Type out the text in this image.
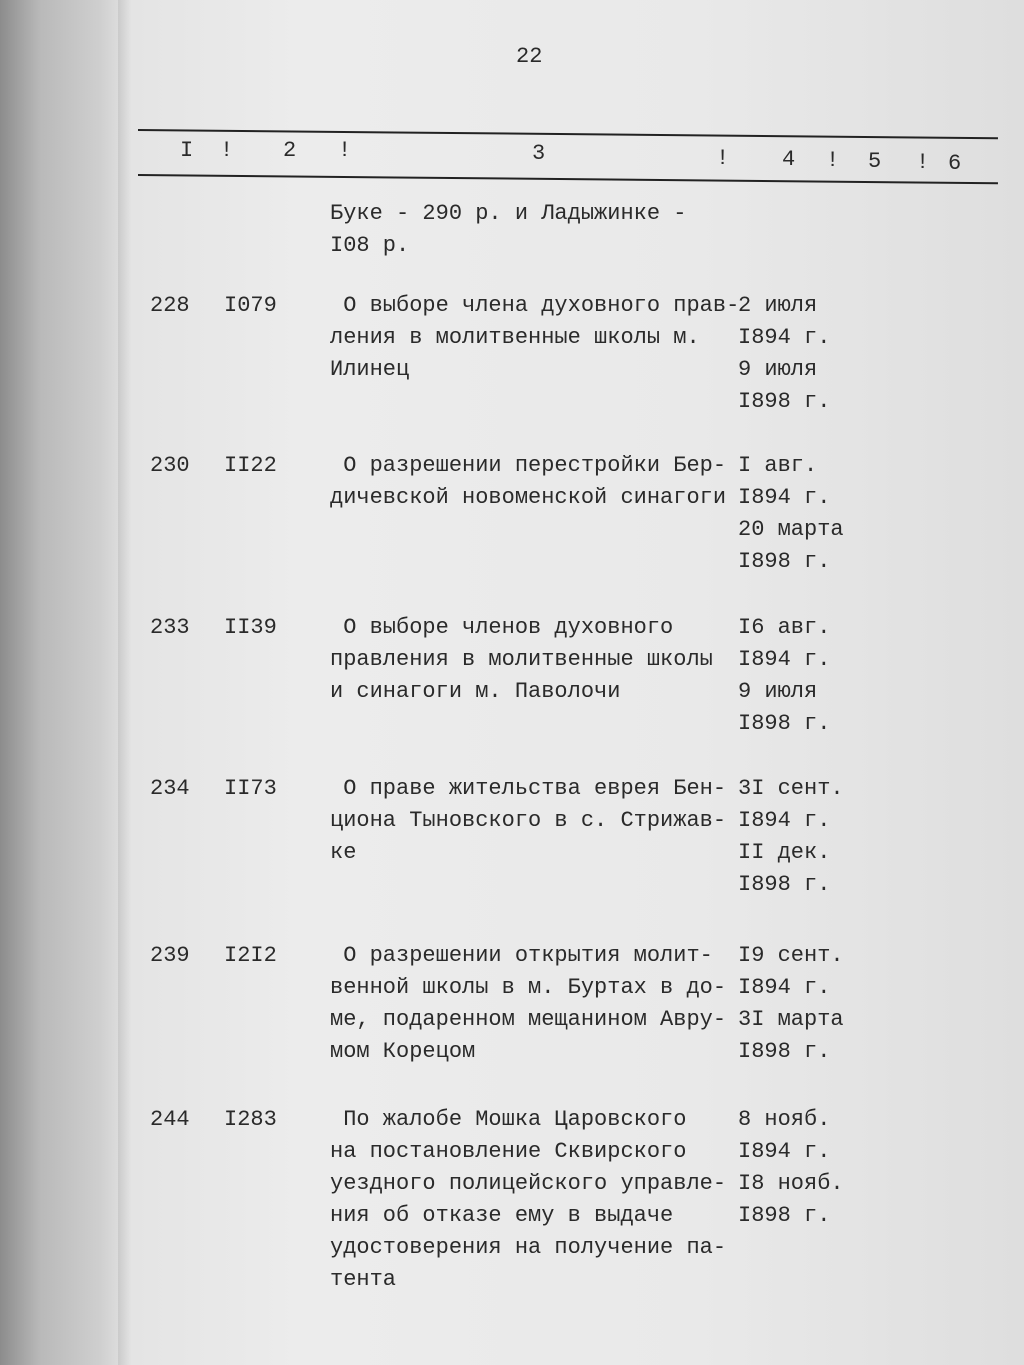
22
I ! 2 !	3	! 4 ! 5 ! 6
Буке - 290 р. и Ладыжинке -
I08 р.
228 I079 О выборе члена духовного прав-
ления в молитвенные школы м.
Илинец
2 июля
I894 г.
9 июля
I898 г.
230 II22 О разрешении перестройки Бер-
дичевской новоменской синагоги
I авг.
I894 г.
20 марта
I898 г.
233 II39 О выборе членов духовного
правления в молитвенные школы
и синагоги м. Паволочи
I6 авг.
I894 г.
9 июля
I898 г.
234 II73 О праве жительства еврея Бен-
циона Тыновского в с. Стрижав-
ке
3I сент.
I894 г.
II дек.
I898 г.
239 I2I2 О разрешении открытия молит-
венной школы в м. Буртах в до-
ме, подаренном мещанином Авру-
мом Корецом
I9 сент.
I894 г.
3I марта
I898 г.
244 I283 По жалобе Мошка Царовского
на постановление Сквирского
уездного полицейского управле-
ния об отказе ему в выдаче
удостоверения на получение па-
тента
8 нояб.
I894 г.
I8 нояб.
I898 г.
